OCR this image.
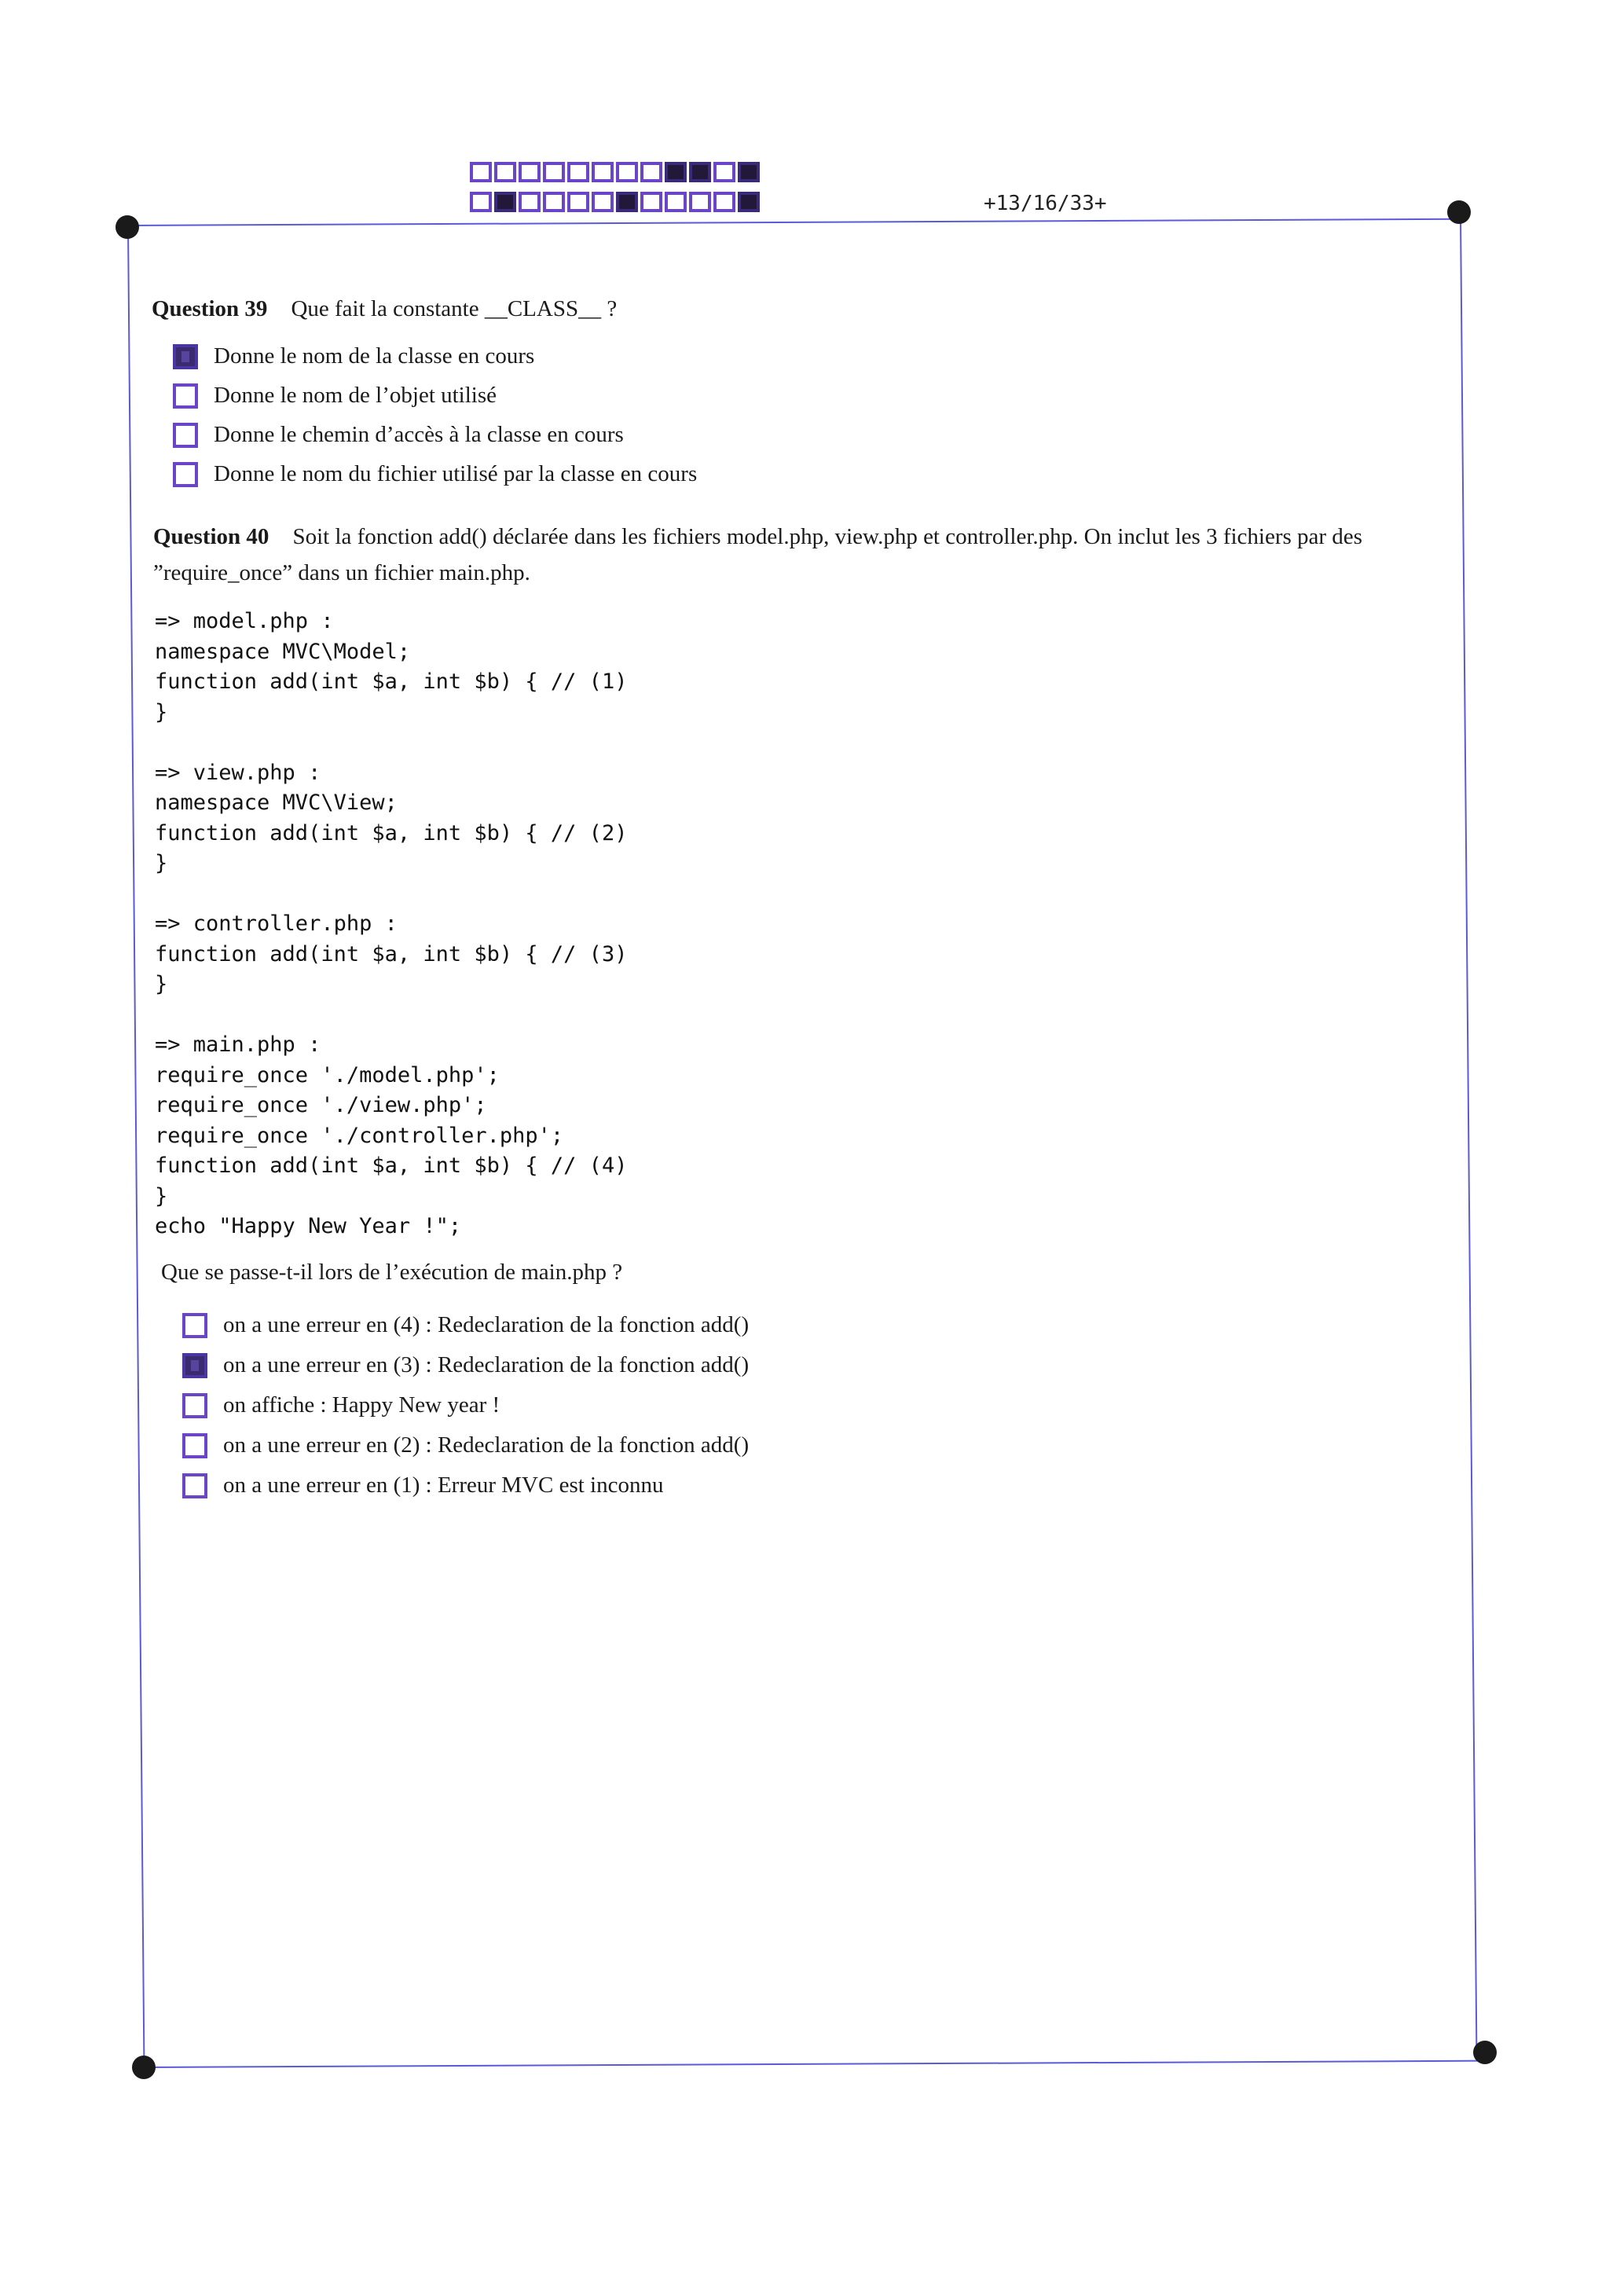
+13/16/33+
Question 39 Que fait la constante __CLASS__ ?
Donne le nom de la classe en cours
Donne le nom de l’objet utilisé
Donne le chemin d’accès à la classe en cours
Donne le nom du fichier utilisé par la classe en cours
Question 40 Soit la fonction add() déclarée dans les fichiers model.php, view.php et controller.php. On inclut les 3 fichiers par des ”require_once” dans un fichier main.php.
=> model.php :
namespace MVC\Model;
function add(int $a, int $b) { // (1)
}

=> view.php :
namespace MVC\View;
function add(int $a, int $b) { // (2)
}

=> controller.php :
function add(int $a, int $b) { // (3)
}

=> main.php :
require_once './model.php';
require_once './view.php';
require_once './controller.php';
function add(int $a, int $b) { // (4)
}
echo "Happy New Year !";
Que se passe-t-il lors de l’exécution de main.php ?
on a une erreur en (4) : Redeclaration de la fonction add()
on a une erreur en (3) : Redeclaration de la fonction add()
on affiche : Happy New year !
on a une erreur en (2) : Redeclaration de la fonction add()
on a une erreur en (1) : Erreur MVC est inconnu
